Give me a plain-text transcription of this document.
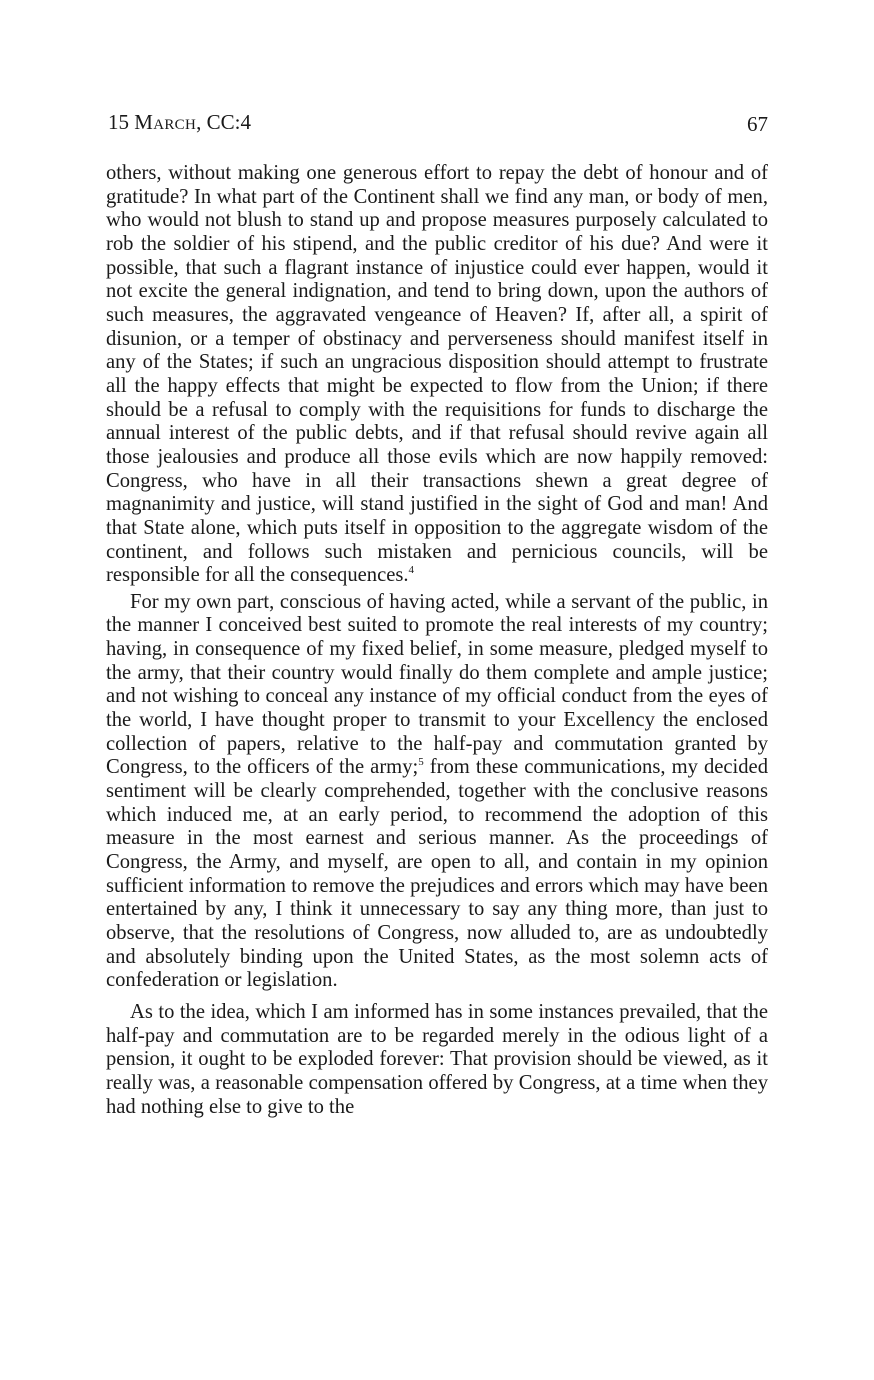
15 March, CC:4	67

others, without making one generous effort to repay the debt of honour and of gratitude? In what part of the Continent shall we find any man, or body of men, who would not blush to stand up and propose measures purposely calculated to rob the soldier of his stipend, and the public creditor of his due? And were it possible, that such a flagrant instance of injustice could ever happen, would it not excite the general indignation, and tend to bring down, upon the authors of such measures, the aggravated vengeance of Heaven? If, after all, a spirit of disunion, or a temper of obstinacy and perverseness should manifest itself in any of the States; if such an ungracious disposition should attempt to frustrate all the happy effects that might be expected to flow from the Union; if there should be a refusal to comply with the requisitions for funds to discharge the annual interest of the public debts, and if that refusal should revive again all those jealousies and produce all those evils which are now happily removed: Congress, who have in all their transactions shewn a great degree of magnanimity and justice, will stand justified in the sight of God and man! And that State alone, which puts itself in opposition to the aggregate wisdom of the continent, and follows such mistaken and pernicious councils, will be responsible for all the consequences.$^4$

For my own part, conscious of having acted, while a servant of the public, in the manner I conceived best suited to promote the real interests of my country; having, in consequence of my fixed belief, in some measure, pledged myself to the army, that their country would finally do them complete and ample justice; and not wishing to conceal any instance of my official conduct from the eyes of the world, I have thought proper to transmit to your Excellency the enclosed collection of papers, relative to the half-pay and commutation granted by Congress, to the officers of the army;$^5$ from these communications, my decided sentiment will be clearly comprehended, together with the conclusive reasons which induced me, at an early period, to recommend the adoption of this measure in the most earnest and serious manner. As the proceedings of Congress, the Army, and myself, are open to all, and contain in my opinion sufficient information to remove the prejudices and errors which may have been entertained by any, I think it unnecessary to say any thing more, than just to observe, that the resolutions of Congress, now alluded to, are as undoubtedly and absolutely binding upon the United States, as the most solemn acts of confederation or legislation.

As to the idea, which I am informed has in some instances prevailed, that the half-pay and commutation are to be regarded merely in the odious light of a pension, it ought to be exploded forever: That provision should be viewed, as it really was, a reasonable compensation offered by Congress, at a time when they had nothing else to give to the
